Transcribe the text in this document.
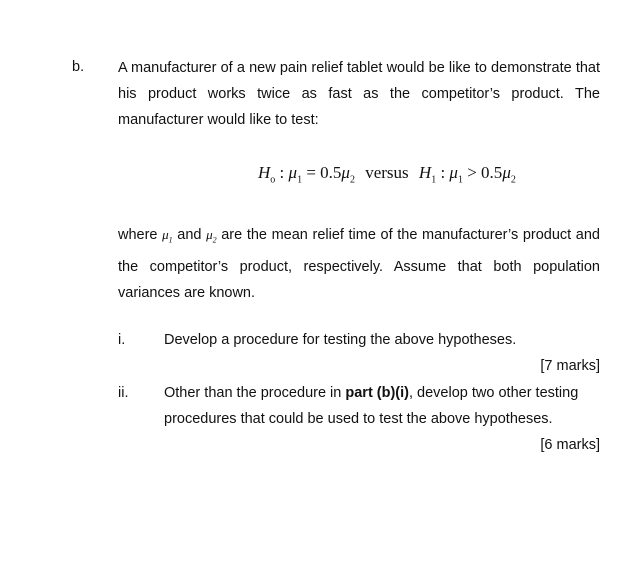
b. A manufacturer of a new pain relief tablet would be like to demonstrate that his product works twice as fast as the competitor’s product. The manufacturer would like to test:
$H_o$ : $\mu_1 = 0.5\mu_2$ versus $H_1$ : $\mu_1 > 0.5\mu_2$
where $\mu_1$ and $\mu_2$ are the mean relief time of the manufacturer’s product and the competitor’s product, respectively. Assume that both population variances are known.
i.	Develop a procedure for testing the above hypotheses.
[7 marks]
ii. Other than the procedure in part (b)(i), develop two other testing procedures that could be used to test the above hypotheses.
[6 marks]
